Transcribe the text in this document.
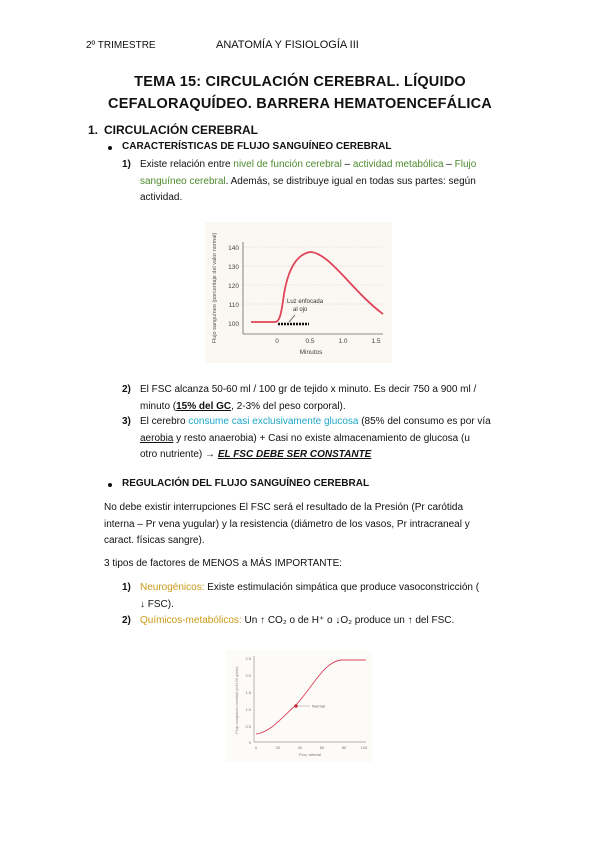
2º TRIMESTRE	ANATOMÍA Y FISIOLOGÍA III
TEMA 15: CIRCULACIÓN CEREBRAL. LÍQUIDO
CEFALORAQUÍDEO. BARRERA HEMATOENCEFÁLICA
1. CIRCULACIÓN CEREBRAL
CARACTERÍSTICAS DE FLUJO SANGUÍNEO CEREBRAL
1) Existe relación entre nivel de función cerebral – actividad metabólica – Flujo
sanguíneo cerebral. Además, se distribuye igual en todas sus partes: según
actividad.
140
130
120
110
100
0	0.5	1.0	1.5
Minutos
Flujo sanguíneo (porcentaje del valor normal)	Luz enfocada
al ojo
2) El FSC alcanza 50-60 ml / 100 gr de tejido x minuto. Es decir 750 a 900 ml /
minuto (15% del GC, 2-3% del peso corporal).
3) El cerebro consume casi exclusivamente glucosa (85% del consumo es por vía
aerobia y resto anaerobia) + Casi no existe almacenamiento de glucosa (u
otro nutriente) → EL FSC DEBE SER CONSTANTE
REGULACIÓN DEL FLUJO SANGUÍNEO CEREBRAL
No debe existir interrupciones El FSC será el resultado de la Presión (Pr carótida
interna – Pr vena yugular) y la resistencia (diámetro de los vasos, Pr intracraneal y
caract. físicas sangre).
3 tipos de factores de MENOS a MÁS IMPORTANTE:
1) Neurogénicos: Existe estimulación simpática que produce vasoconstricción (
↓ FSC).
2) Químicos-metabólicos: Un ↑ CO₂ o de H⁺ o ↓O₂ produce un ↑ del FSC.
2.5
2.0
1.5
1.0
0.5
0
0	20	40	60	80	100
Pco₂ arterial
Flujo sanguíneo cerebral (ml/100 g/min)	Normal
